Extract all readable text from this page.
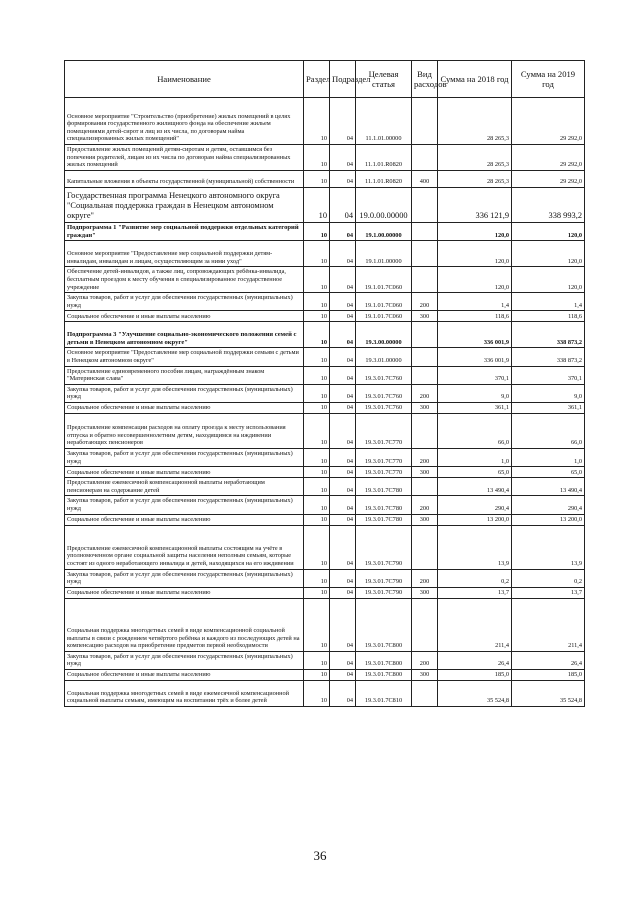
Наименование	Раздел	Подраздел	Целевая статья	Вид расходов	Сумма на 2018 год	Сумма на 2019 год
Основное мероприятие "Строительство (приобретение) жилых помещений в целях формирования государственного жилищного фонда на обеспечение жильем помещениями детей-сирот и лиц из их числа, по договорам найма специализированных жилых помещений"	10	04	11.1.01.00000		28 265,3	29 292,0
Предоставление жилых помещений детям-сиротам и детям, оставшимся без попечения родителей, лицам из их числа по договорам найма специализированных жилых помещений	10	04	11.1.01.R0820		28 265,3	29 292,0
Капитальные вложения в объекты государственной (муниципальной) собственности	10	04	11.1.01.R0820	400	28 265,3	29 292,0
Государственная программа Ненецкого автономного округа "Социальная поддержка граждан в Ненецком автономном округе"	10	04	19.0.00.00000		336 121,9	338 993,2
Подпрограмма 1 "Развитие мер социальной поддержки отдельных категорий граждан"	10	04	19.1.00.00000		120,0	120,0
Основное мероприятие "Предоставление мер социальной поддержки детям-инвалидам, инвалидам и лицам, осуществляющим за ними уход"	10	04	19.1.01.00000		120,0	120,0
Обеспечение детей-инвалидов, а также лиц, сопровождающих ребёнка-инвалида, бесплатным проездом к месту обучения в специализированное государственное учреждение	10	04	19.1.01.7С060		120,0	120,0
Закупка товаров, работ и услуг для обеспечения государственных (муниципальных) нужд	10	04	19.1.01.7С060	200	1,4	1,4
Социальное обеспечение и иные выплаты населению	10	04	19.1.01.7С060	300	118,6	118,6
Подпрограмма 3 "Улучшение социально-экономического положения семей с детьми в Ненецком автономном округе"	10	04	19.3.00.00000		336 001,9	338 873,2
Основное мероприятие "Предоставление мер социальной поддержки семьям с детьми в Ненецком автономном округе"	10	04	19.3.01.00000		336 001,9	338 873,2
Предоставление единовременного пособия лицам, награждённым знаком "Материнская слава"	10	04	19.3.01.7С760		370,1	370,1
Закупка товаров, работ и услуг для обеспечения государственных (муниципальных) нужд	10	04	19.3.01.7С760	200	9,0	9,0
Социальное обеспечение и иные выплаты населению	10	04	19.3.01.7С760	300	361,1	361,1
Предоставление компенсации расходов на оплату проезда к месту использования отпуска и обратно несовершеннолетним детям, находящимся на иждивении неработающих пенсионеров	10	04	19.3.01.7С770		66,0	66,0
Закупка товаров, работ и услуг для обеспечения государственных (муниципальных) нужд	10	04	19.3.01.7С770	200	1,0	1,0
Социальное обеспечение и иные выплаты населению	10	04	19.3.01.7С770	300	65,0	65,0
Предоставление ежемесячной компенсационной выплаты неработающим пенсионерам на содержание детей	10	04	19.3.01.7С780		13 490,4	13 490,4
Закупка товаров, работ и услуг для обеспечения государственных (муниципальных) нужд	10	04	19.3.01.7С780	200	290,4	290,4
Социальное обеспечение и иные выплаты населению	10	04	19.3.01.7С780	300	13 200,0	13 200,0
Предоставление ежемесячной компенсационной выплаты состоящим на учёте в уполномоченном органе социальной защиты населения неполным семьям, которые состоят из одного неработающего инвалида и детей, находящихся на его иждивении	10	04	19.3.01.7С790		13,9	13,9
Закупка товаров, работ и услуг для обеспечения государственных (муниципальных) нужд	10	04	19.3.01.7С790	200	0,2	0,2
Социальное обеспечение и иные выплаты населению	10	04	19.3.01.7С790	300	13,7	13,7
Социальная поддержка многодетных семей в виде компенсационной социальной выплаты в связи с рождением четвёртого ребёнка и каждого из последующих детей на компенсацию расходов на приобретение предметов первой необходимости	10	04	19.3.01.7С800		211,4	211,4
Закупка товаров, работ и услуг для обеспечения государственных (муниципальных) нужд	10	04	19.3.01.7С800	200	26,4	26,4
Социальное обеспечение и иные выплаты населению	10	04	19.3.01.7С800	300	185,0	185,0
Социальная поддержка многодетных семей в виде ежемесячной компенсационной социальной выплаты семьям, имеющим на воспитании трёх и более детей	10	04	19.3.01.7С810		35 524,8	35 524,8
36
